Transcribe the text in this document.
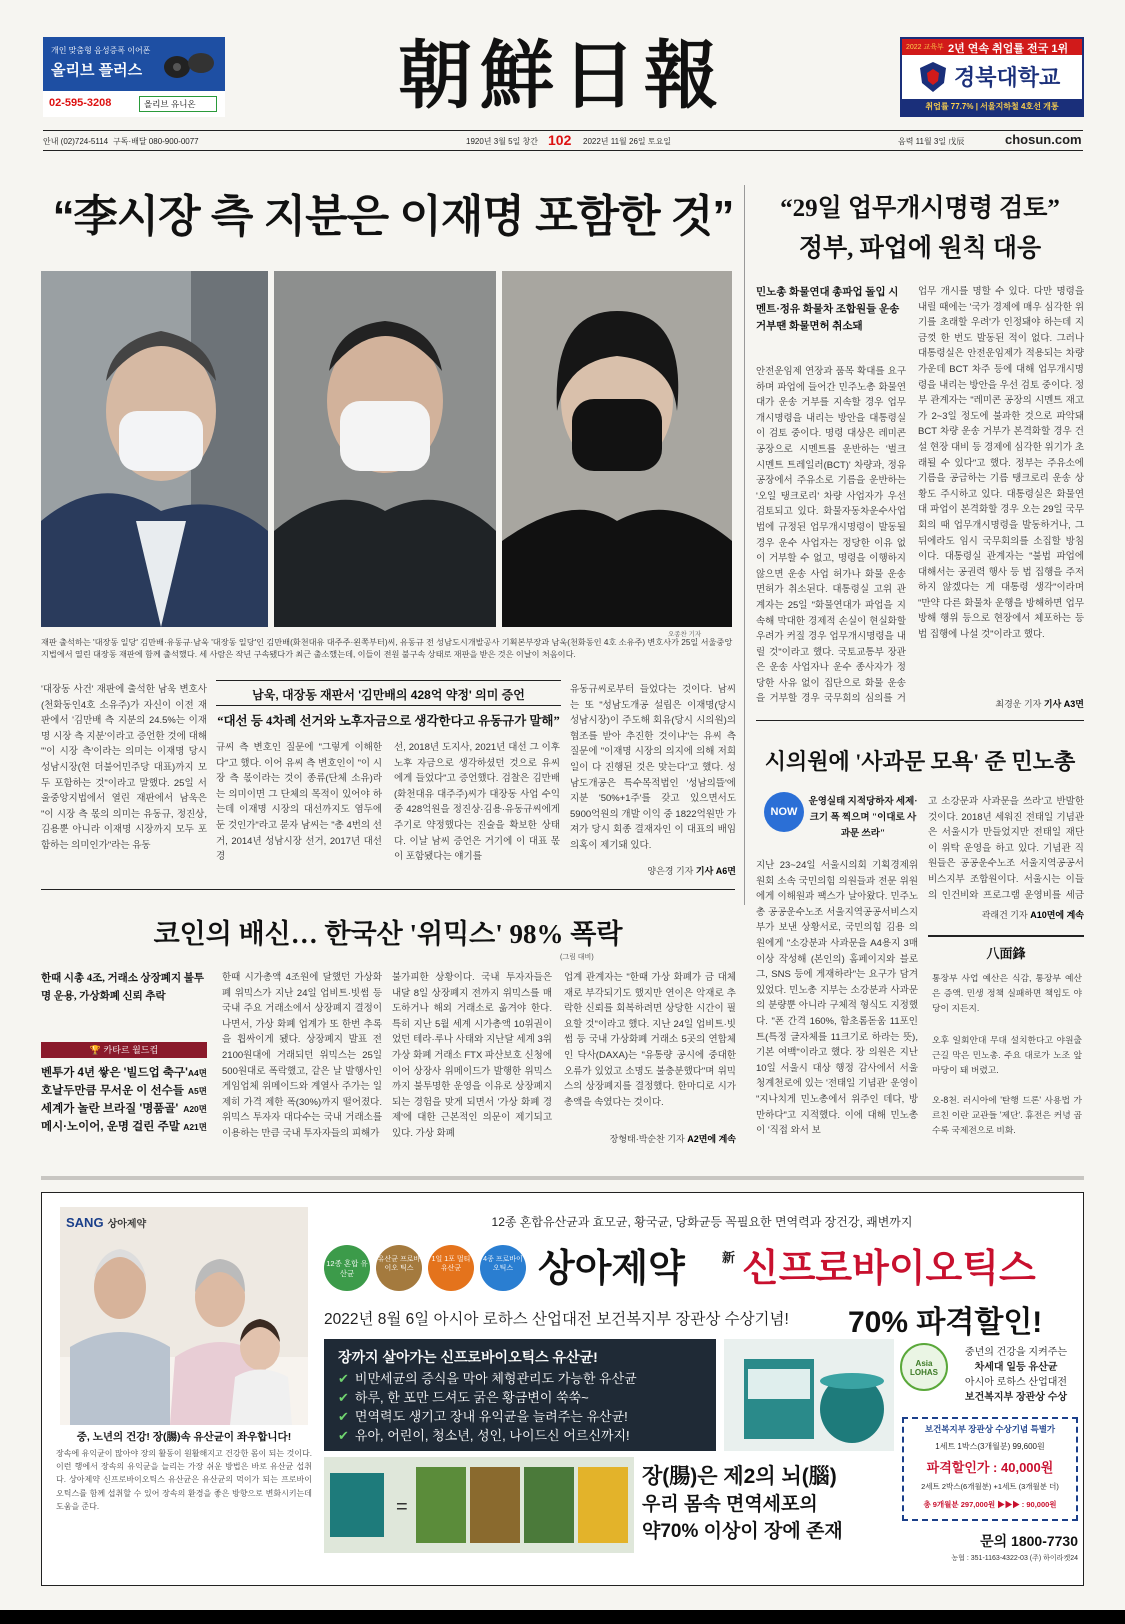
개인 맞춤형 음성증폭 이어폰
올리브 플러스
02-595-3208	올리브 유니온	朝鮮日報	2022 교육부 2년 연속 취업률 전국 1위
경북대학교
취업률 77.7% | 서울지하철 4호선 개통
안내 (02)724-5114 구독·배달 080-900-0077	1920년 3월 5일 창간 102 2022년 11월 26일 토요일	음력 11월 3일 戊辰	chosun.com
“李시장 측 지분은 이재명 포함한 것”
오종찬 기자
재판 출석하는 '대장동 일당' 김만배·유동규·남욱 '대장동 일당'인 김만배(화천대유 대주주·왼쪽부터)씨, 유동규 전 성남도시개발공사 기획본부장과 남욱(천화동인 4호 소유주) 변호사가 25일 서울중앙지법에서 열린 대장동 재판에 함께 출석했다. 세 사람은 작년 구속됐다가 최근 출소했는데, 이들이 전원 불구속 상태로 재판을 받은 것은 이날이 처음이다.
'대장동 사건' 재판에 출석한 남욱 변호사(천화동인4호 소유주)가 자신이 이전 재판에서 '김만배 측 지분의 24.5%는 이재명 시장 측 지분'이라고 증언한 것에 대해 "'이 시장 측'이라는 의미는 이재명 당시 성남시장(현 더불어민주당 대표)까지 모두 포함하는 것"이라고 말했다. 25일 서울중앙지법에서 열린 재판에서 남욱은 "이 시장 측 몫의 의미는 유동규, 정진상, 김용뿐 아니라 이재명 시장까지 모두 포함하는 의미인가"라는 유동
남욱, 대장동 재판서 '김만배의 428억 약정' 의미 증언
“대선 등 4차례 선거와 노후자금으로 생각한다고 유동규가 말해”
규씨 측 변호인 질문에 "그렇게 이해한다"고 했다. 이어 유씨 측 변호인이 "이 시장 측 몫이라는 것이 종류(단체 소유)라는 의미이면 그 단체의 목적이 있어야 하는데 이재명 시장의 대선까지도 염두에 둔 것인가"라고 묻자 남씨는 "총 4번의 선거, 2014년 성남시장 선거, 2017년 대선 경
선, 2018년 도지사, 2021년 대선 그 이후 노후 자금으로 생각하셨던 것으로 유씨에게 들었다"고 증언했다. 검찰은 김만배(화천대유 대주주)씨가 대장동 사업 수익 중 428억원을 정진상·김용·유동규씨에게 주기로 약정했다는 진술을 확보한 상태다. 이날 남씨 증언은 거기에 이 대표 몫이 포함됐다는 얘기를
유동규씨로부터 들었다는 것이다. 남씨는 또 "성남도개공 설립은 이재명(당시 성남시장)이 주도해 회유(당시 시의원)의 협조를 받아 추진한 것이냐"는 유씨 측 질문에 "이재명 시장의 의지에 의해 저희 일이 다 진행된 것은 맞는다"고 했다. 성남도개공은 특수목적법인 '성남의뜰'에 지분 '50%+1주'를 갖고 있으면서도 5900억원의 개발 이익 중 1822억원만 가져가 당시 회종 결재자인 이 대표의 배임 의혹이 제기돼 있다.
양은경 기자 기사 A6면
“29일 업무개시명령 검토”
정부, 파업에 원칙 대응
민노총 화물연대 총파업 돌입 시멘트·정유 화물차 조합원들 운송 거부땐 화물면허 취소돼
안전운임제 연장과 품목 확대를 요구하며 파업에 들어간 민주노총 화물연대가 운송 거부를 지속할 경우 업무개시명령을 내리는 방안을 대통령실이 검토 중이다. 명령 대상은 레미콘 공장으로 시멘트를 운반하는 '벌크 시멘트 트레일러(BCT)' 차량과, 정유 공장에서 주유소로 기름을 운반하는 '오일 탱크로리' 차량 사업자가 우선 검토되고 있다. 화물자동차운수사업법에 규정된 업무개시명령이 발동될 경우 운수 사업자는 정당한 이유 없이 거부할 수 없고, 명령을 이행하지 않으면 운송 사업 허가나 화물 운송 면허가 취소된다. 대통령실 고위 관계자는 25일 "화물연대가 파업을 지속해 막대한 경제적 손실이 현실화할 우려가 커질 경우 업무개시명령을 내릴 것"이라고 했다. 국토교통부 장관은 운송 사업자나 운수 종사자가 정당한 사유 없이 집단으로 화물 운송을 거부할 경우 국무회의 심의를 거
업무 개시를 명할 수 있다. 다만 명령을 내릴 때에는 '국가 경제에 매우 심각한 위기를 초래할 우려'가 인정돼야 하는데 지금껏 한 번도 발동된 적이 없다. 그러나 대통령실은 안전운임제가 적용되는 차량 가운데 BCT 차주 등에 대해 업무개시명령을 내리는 방안을 우선 검토 중이다. 정부 관계자는 "레미콘 공장의 시멘트 재고가 2~3일 정도에 불과한 것으로 파악돼 BCT 차량 운송 거부가 본격화할 경우 건설 현장 대비 등 경제에 심각한 위기가 초래될 수 있다"고 했다. 정부는 주유소에 기름을 공급하는 기름 탱크로리 운송 상황도 주시하고 있다. 대통령실은 화물연대 파업이 본격화할 경우 오는 29일 국무회의 때 업무개시명령을 발동하거나, 그 뒤에라도 임시 국무회의를 소집할 방침이다. 대통령실 관계자는 "불법 파업에 대해서는 공권력 행사 등 법 집행을 주저하지 않겠다는 게 대통령 생각"이라며 "만약 다른 화물차 운행을 방해하면 업무 방해 행위 등으로 현장에서 체포하는 등 법 집행에 나설 것"이라고 했다.
최경운 기자 기사 A3면
시의원에 '사과문 모욕' 준 민노총
NOW
운영실태 지적당하자 세제·크기 폭 찍으며 "이대로 사과문 쓰라"
지난 23~24일 서울시의회 기획경제위원회 소속 국민의힘 의원들과 전문 위원에게 이해원과 팩스가 날아왔다. 민주노총 공공운수노조 서울지역공공서비스지부가 보낸 상황서로, 국민의힘 김용 의원에게 "소강분과 사과문을 A4용지 3매 이상 작성해 (본인의) 홈페이지와 블로그, SNS 등에 게재하라"는 요구가 담겨 있었다. 민노총 지부는 소강분과 사과문의 분량뿐 아니라 구체적 형식도 지정했다. "폰 간격 160%, 함초롬돋움 11포인트(특정 글자체를 11크기로 하라는 뜻), 기본 여백"이라고 했다. 장 의원은 지난 10일 서울시 대상 행정 감사에서 서울 청계천로에 있는 '전태일 기념관' 운영이 "지나치게 민노총에서 위주인 데다, 방만하다"고 지적했다. 이에 대해 민노총이 '직접 와서 보
고 소강문과 사과문을 쓰라'고 반발한 것이다. 2018년 세워진 전태일 기념관은 서울시가 만들었지만 전태일 재단이 위탁 운영을 하고 있다. 기념관 직원들은 공공운수노조 서울지역공공서비스지부 조합원이다. 서울시는 이들의 인건비와 프로그램 운영비를 세금
곽래건 기자 A10면에 계속
八面鋒
통장부 사업 예산은 식감, 통장부 예산은 증액. 민생 정책 실패하면 책임도 야당이 지든지.
오후 일회안대 무대 설치한다고 야원출근길 막은 민노총. 주요 대로가 노조 앞마당이 돼 버렸고.
오-8천. 러시아에 '탄행 드론' 사용법 가르친 이란 교관들 '제단'. 휴전은 커녕 곱수록 국제전으로 비화.
코인의 배신… 한국산 '위믹스' 98% 폭락
(그림 대비)
한때 시총 4조, 거래소 상장폐지 불투명 운용, 가상화폐 신뢰 추락
🏆 카타르 월드컵
벤투가 4년 쌓은 '빌드업 축구' A4면
호날두만큼 무서운 이 선수들 A5면
세계가 놀란 브라질 '명품골' A20면
메시·노이어, 운명 걸린 주말 A21면
한때 시가총액 4조원에 달했던 가상화폐 위믹스가 지난 24일 업비트·빗썸 등 국내 주요 거래소에서 상장폐지 결정이 나면서, 가상 화폐 업계가 또 한번 추록을 휩싸이게 됐다. 상장폐지 발표 전 2100원대에 거래되던 위믹스는 25일 500원대로 폭락했고, 같은 날 발행사인 게임업체 위메이드와 계열사 주가는 일제히 가격 제한 폭(30%)까지 떨어졌다. 위믹스 투자자 대다수는 국내 거래소를 이용하는 만큼 국내 투자자들의 피해가
불가피한 상황이다. 국내 투자자들은 내달 8일 상장폐지 전까지 위믹스를 매도하거나 해외 거래소로 옮겨야 한다. 특히 지난 5월 세계 시가총액 10위권이었던 테라·루나 사태와 지난달 세계 3위 가상 화폐 거래소 FTX 파산보호 신청에 이어 상장사 위메이드가 발행한 위믹스까지 불투명한 운영을 이유로 상장폐지되는 경험을 맞게 되면서 '가상 화폐 경제'에 대한 근본적인 의문이 제기되고 있다. 가상 화폐
업계 관계자는 "한때 가상 화폐가 금 대체재로 부각되기도 했지만 연이은 악재로 추락한 신뢰를 회복하려면 상당한 시간이 필요할 것"이라고 했다. 지난 24일 업비트·빗썸 등 국내 가상화폐 거래소 5곳의 연합체인 닥사(DAXA)는 "유통량 공시에 중대한 오류가 있었고 소명도 불충분했다"며 위믹스의 상장폐지를 결정했다. 한마디로 시가총액을 속였다는 것이다.
장형태·박순찬 기자 A2면에 계속
12종 혼합유산균과 효모균, 황국균, 당화균등 꼭필요한 면역력과 장건강, 쾌변까지
SANG 상아제약
중, 노년의 건강! 장(腸)속 유산균이 좌우합니다!
장속에 유익균이 많아야 장의 활동이 원활해지고 건강한 몸이 되는 것이다. 이런 행에서 장속의 유익균을 늘리는 가장 쉬운 방법은 바로 유산균 섭취다. 상아제약 신프로바이오틱스 유산균은 유산균의 먹이가 되는 프로바이오틱스를 함께 섭취할 수 있어 장속의 환경을 좋은 방향으로 변화시키는데 도움을 준다.
12종 혼합 유산균
유산균 프로바이오 틱스
1일 1포 멀티 유산균
4종 프로바이오틱스 상아제약	新 신프로바이오틱스
2022년 8월 6일 아시아 로하스 산업대전 보건복지부 장관상 수상기념!	70% 파격할인!
장까지 살아가는 신프로바이오틱스 유산균!
✔ 비만세균의 증식을 막아 체형관리도 가능한 유산균
✔ 하루, 한 포만 드셔도 굵은 황금변이 쑥쑥~
✔ 면역력도 생기고 장내 유익균을 늘려주는 유산균!
✔ 유아, 어린이, 청소년, 성인, 나이드신 어르신까지!
Asia LOHAS
중년의 건강을 지켜주는
차세대 일등 유산균
아시아 로하스 산업대전
보건복지부 장관상 수상
=
장(腸)은 제2의 뇌(腦)
우리 몸속 면역세포의
약70% 이상이 장에 존재
보건복지부 장관상 수상기념 특별가
1세트 1박스(3개월분) 99,600원
파격할인가 : 40,000원
2세트 2박스(6개월분) +1세트 (3개월분 더)
총 9개월분 297,000원 ▶▶▶ : 90,000원
문의 1800-7730
농협 : 351-1163-4322-03 (주) 하이라켓24
